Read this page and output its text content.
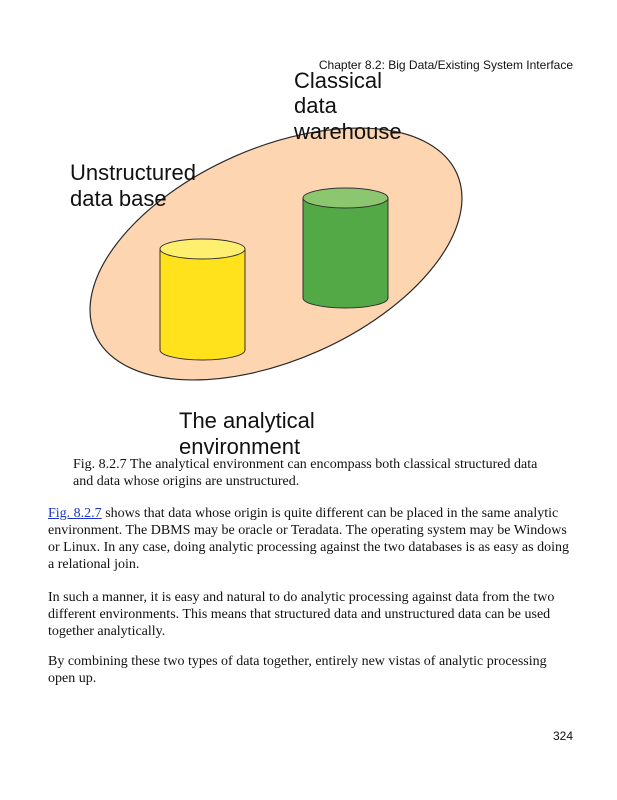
Chapter 8.2: Big Data/Existing System Interface
Classical
data
warehouse
Unstructured
data base
The analytical
environment
Fig. 8.2.7 The analytical environment can encompass both classical structured data and data whose origins are unstructured.

Fig. 8.2.7 shows that data whose origin is quite different can be placed in the same analytic environment. The DBMS may be oracle or Teradata. The operating system may be Windows or Linux. In any case, doing analytic processing against the two databases is as easy as doing a relational join.

In such a manner, it is easy and natural to do analytic processing against data from the two different environments. This means that structured data and unstructured data can be used together analytically.

By combining these two types of data together, entirely new vistas of analytic processing open up.

324
